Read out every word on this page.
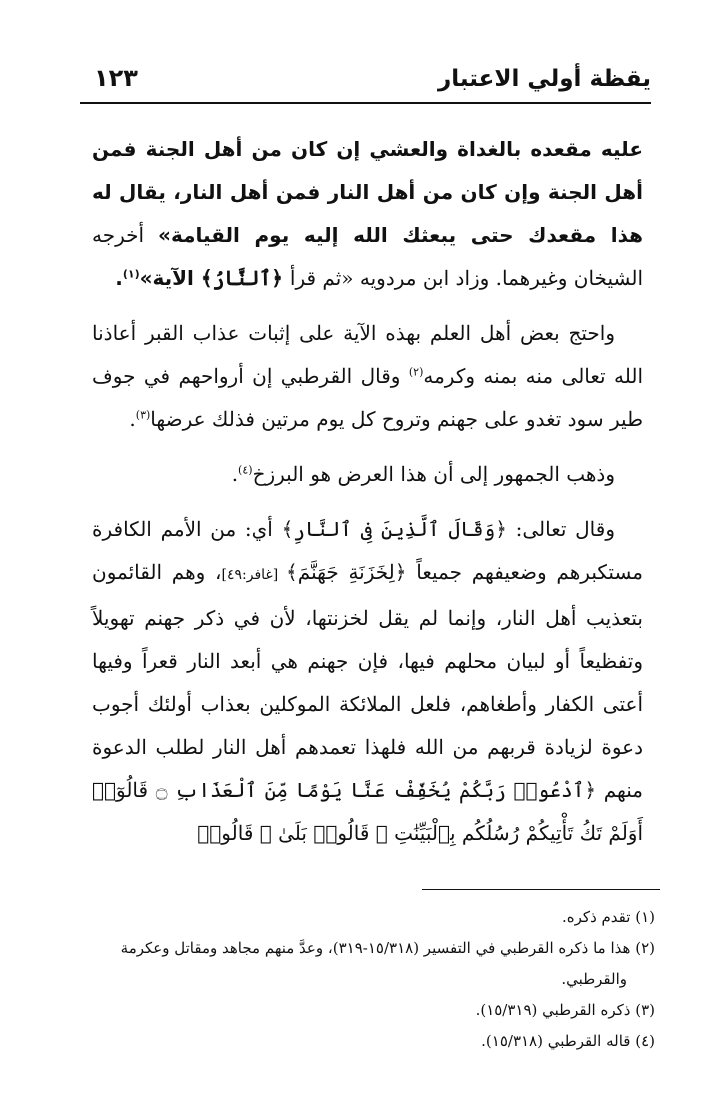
يقظة أولي الاعتبار
١٢٣

عليه مقعده بالغداة والعشي إن كان من أهل الجنة فمن أهل الجنة وإن كان من أهل النار فمن أهل النار، يقال له هذا مقعدك حتى يبعثك الله إليه يوم القيامة» أخرجه الشيخان وغيرهما. وزاد ابن مردويه «ثم قرأ ﴿ٱلنَّارُ﴾ الآية»$^{(١)}$.

واحتج بعض أهل العلم بهذه الآية على إثبات عذاب القبر أعاذنا الله تعالى منه بمنه وكرمه$^{(٢)}$ وقال القرطبي إن أرواحهم في جوف طير سود تغدو على جهنم وتروح كل يوم مرتين فذلك عرضها$^{(٣)}$.

وذهب الجمهور إلى أن هذا العرض هو البرزخ$^{(٤)}$.

وقال تعالى: ﴿وَقَالَ ٱلَّذِينَ فِى ٱلنَّارِ﴾ أي: من الأمم الكافرة مستكبرهم وضعيفهم جميعاً ﴿لِخَزَنَةِ جَهَنَّمَ﴾ [غافر:٤٩]، وهم القائمون بتعذيب أهل النار، وإنما لم يقل لخزنتها، لأن في ذكر جهنم تهويلاً وتفظيعاً أو لبيان محلهم فيها، فإن جهنم هي أبعد النار قعراً وفيها أعتى الكفار وأطغاهم، فلعل الملائكة الموكلين بعذاب أولئك أجوب دعوة لزيادة قربهم من الله فلهذا تعمدهم أهل النار لطلب الدعوة منهم ﴿ٱدْعُوا۟ رَبَّكُمْ يُخَفِّفْ عَنَّا يَوْمًا مِّنَ ٱلْعَذَابِ ۝ قَالُوٓا۟ أَوَلَمْ تَكُ تَأْتِيكُمْ رُسُلُكُم بِٱلْبَيِّنَٰتِ ۖ قَالُوا۟ بَلَىٰ ۚ قَالُوا۟

(١) تقدم ذكره.

(٢) هذا ما ذكره القرطبي في التفسير (١٥/٣١٨-٣١٩)، وعدَّ منهم مجاهد ومقاتل وعكرمة

والقرطبي.

(٣) ذكره القرطبي (١٥/٣١٩).

(٤) قاله القرطبي (١٥/٣١٨).
